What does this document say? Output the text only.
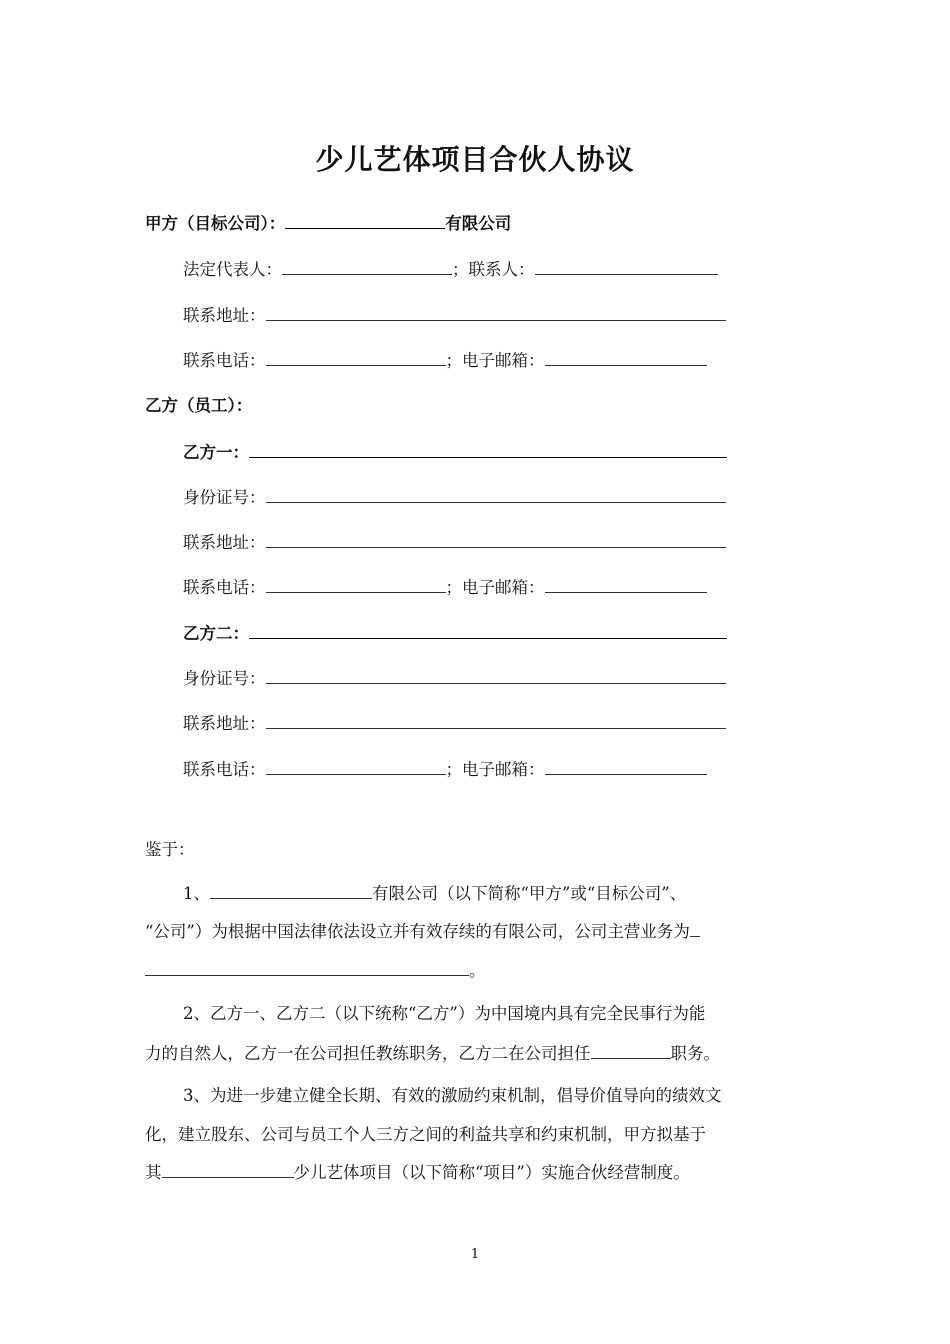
少儿艺体项目合伙人协议
甲方（目标公司）：	有限公司
法定代表人：	；联系人：
联系地址：
联系电话：	；电子邮箱：
乙方（员工）：
乙方一：
身份证号：
联系地址：
联系电话：	；电子邮箱：
乙方二：
身份证号：
联系地址：
联系电话：	；电子邮箱：
鉴于：
1、	有限公司（以下简称“甲方”或“目标公司”、
“公司”）为根据中国法律依法设立并有效存续的有限公司，公司主营业务为
。
2、乙方一、乙方二（以下统称“乙方”）为中国境内具有完全民事行为能
力的自然人，乙方一在公司担任教练职务，乙方二在公司担任	职务。
3、为进一步建立健全长期、有效的激励约束机制，倡导价值导向的绩效文
化，建立股东、公司与员工个人三方之间的利益共享和约束机制，甲方拟基于
其	少儿艺体项目（以下简称“项目”）实施合伙经营制度。
1
